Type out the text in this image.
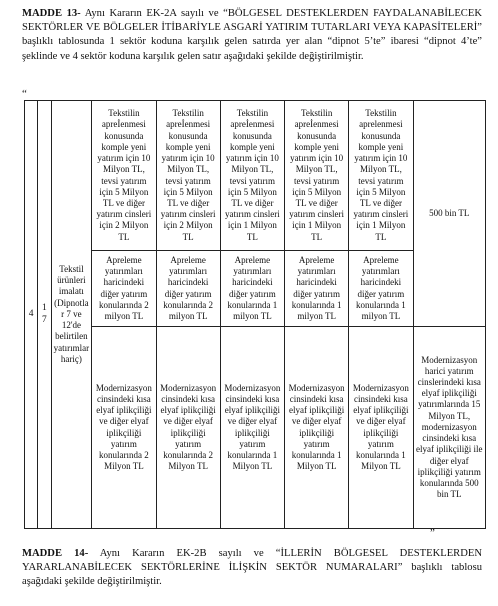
MADDE 13- Aynı Kararın EK-2A sayılı ve “BÖLGESEL DESTEKLERDEN FAYDALANABİLECEK SEKTÖRLER VE BÖLGELER İTİBARİYLE ASGARİ YATIRIM TUTARLARI VEYA KAPASİTELERİ” başlıklı tablosunda 1 sektör koduna karşılık gelen satırda yer alan “dipnot 5’te” ibaresi “dipnot 4’te” şeklinde ve 4 sektör koduna karşılık gelen satır aşağıdaki şekilde değiştirilmiştir.
“
4	17	Tekstil ürünleri imalatı (Dipnotlar 7 ve 12'de belirtilen yatırımlar hariç)	Tekstilin apreİenmesi konusunda komple yeni yatırım için 10 Milyon TL, tevsi yatırım için 5 Milyon TL ve diğer yatırım cinsleri için 2 Milyon TL	Tekstilin apreİenmesi konusunda komple yeni yatırım için 10 Milyon TL, tevsi yatırım için 5 Milyon TL ve diğer yatırım cinsleri için 2 Milyon TL	Tekstilin apreİenmesi konusunda komple yeni yatırım için 10 Milyon TL, tevsi yatırım için 5 Milyon TL ve diğer yatırım cinsleri için 1 Milyon TL	Tekstilin apreİenmesi konusunda komple yeni yatırım için 10 Milyon TL, tevsi yatırım için 5 Milyon TL ve diğer yatırım cinsleri için 1 Milyon TL	Tekstilin aprelenmesi konusunda komple yeni yatırım için 10 Milyon TL, tevsi yatırım için 5 Milyon TL ve diğer yatırım cinsleri için 1 Milyon TL	500 bin TL
			Apreleme yatırımları haricindeki diğer yatırım konularında 2 milyon TL	Apreleme yatırımları haricindeki diğer yatırım konularında 2 milyon TL	Apreleme yatırımları haricindeki diğer yatırım konularında 1 milyon TL	Apreleme yatırımları haricindeki diğer yatırım konularında 1 milyon TL	Apreleme yatırımları haricindeki diğer yatırım konularında 1 milyon TL	
			Modernizasyon cinsindeki kısa elyaf iplikçiliği ve diğer elyaf iplikçiliği yatırım konularında 2 Milyon TL	Modernizasyon cinsindeki kısa elyaf iplikçiliği ve diğer elyaf iplikçiliği yatırım konularında 2 Milyon TL	Modernizasyon cinsindeki kısa elyaf iplikçiliği ve diğer elyaf iplikçiliği yatırım konularında 1 Milyon TL	Modernizasyon cinsindeki kısa elyaf iplikçiliği ve diğer elyaf iplikçiliği yatırım konularında 1 Milyon TL	Modernizasyon cinsindeki kısa elyaf iplikçiliği ve diğer elyaf iplikçiliği yatırım konularında 1 Milyon TL	Modernizasyon harici yatırım cinslerindeki kısa elyaf iplikçiliği yatırımlarında 15 Milyon TL, modernizasyon cinsindeki kısa elyaf iplikçiliği ile diğer elyaf iplikçiliği yatırım konularında 500 bin TL
”
MADDE 14- Aynı Kararın EK-2B sayılı ve “İLLERİN BÖLGESEL DESTEKLERDEN YARARLANABİLECEK SEKTÖRLERİNE İLİŞKİN SEKTÖR NUMARALARI” başlıklı tablosu aşağıdaki şekilde değiştirilmiştir.
